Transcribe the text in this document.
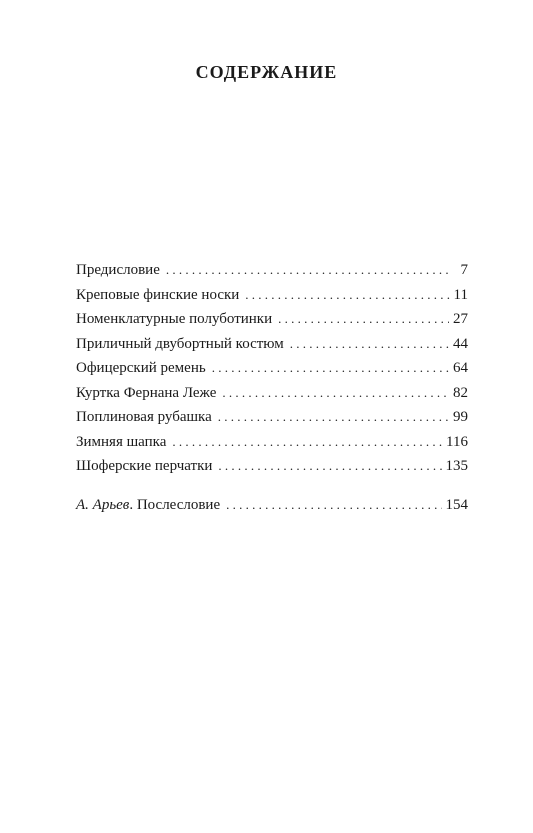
СОДЕРЖАНИЕ
Предисловие . . .	7
Креповые финские носки . . .	11
Номенклатурные полуботинки . . .	27
Приличный двубортный костюм . . .	44
Офицерский ремень . . .	64
Куртка Фернана Леже . . .	82
Поплиновая рубашка . . .	99
Зимняя шапка . . .	116
Шоферские перчатки . . .	135
А. Арьев. Послесловие . . .	154
